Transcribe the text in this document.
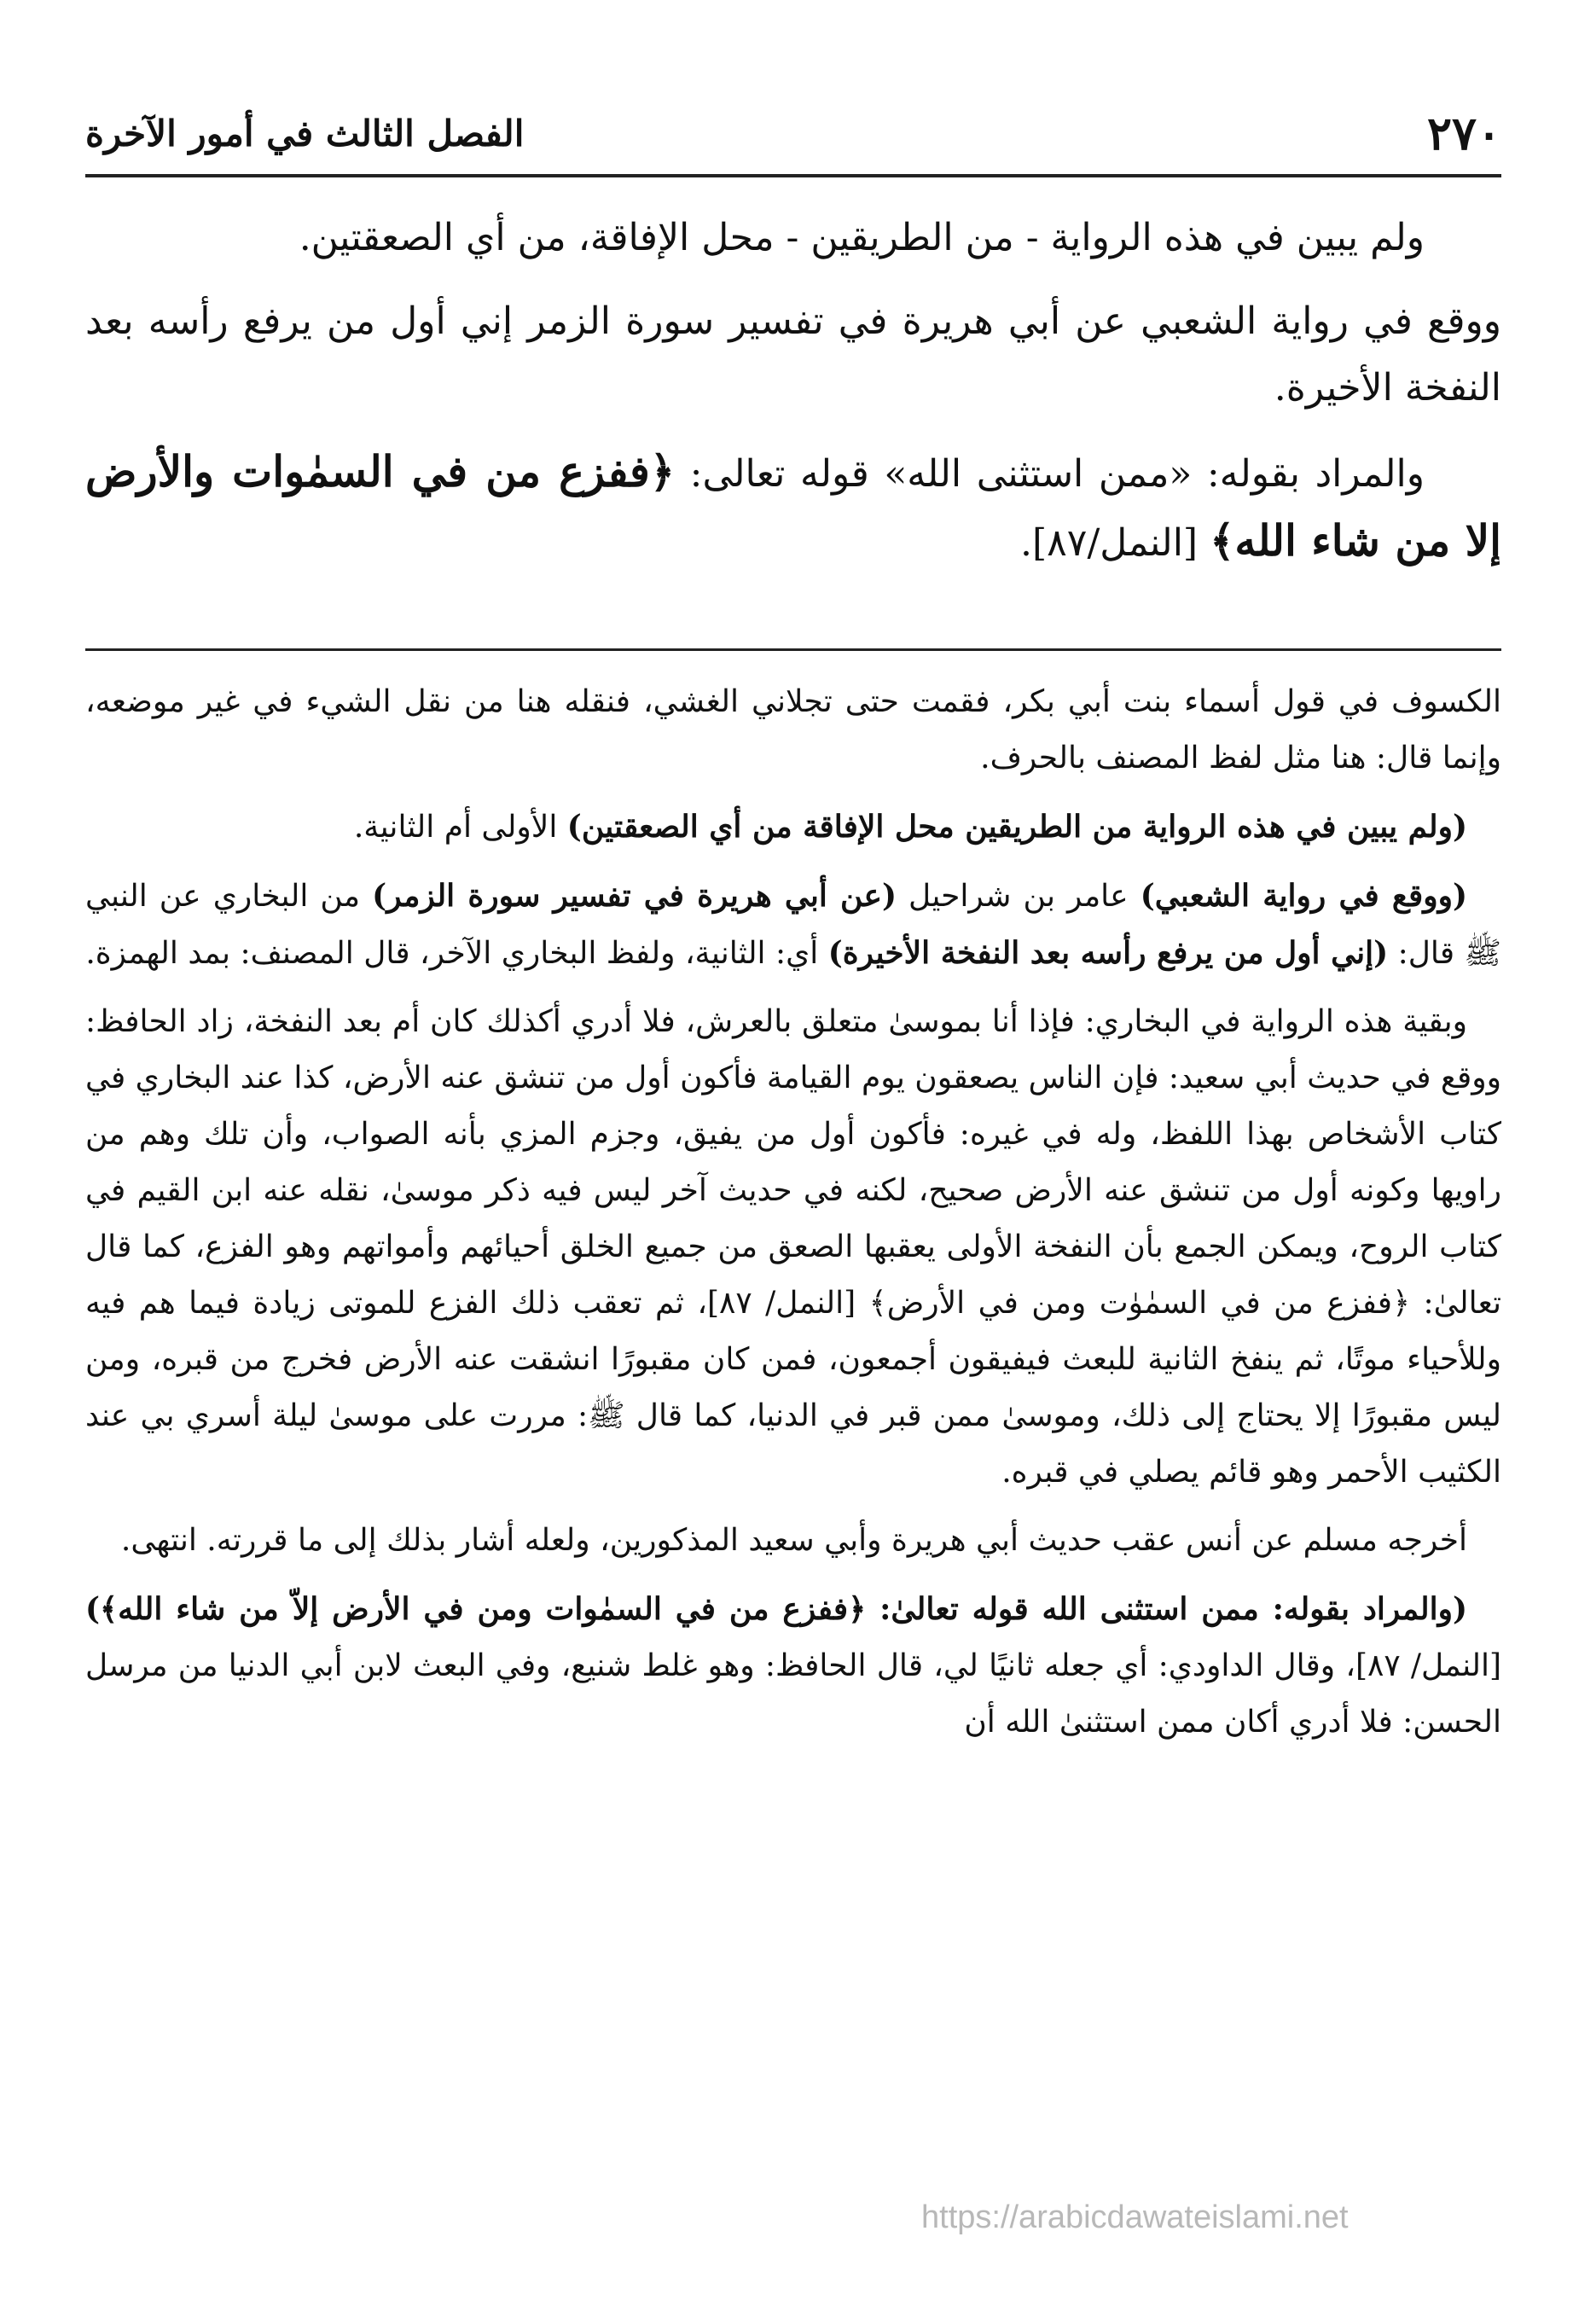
٢٧٠
الفصل الثالث في أمور الآخرة

ولم يبين في هذه الرواية - من الطريقين - محل الإفاقة، من أي الصعقتين.

ووقع في رواية الشعبي عن أبي هريرة في تفسير سورة الزمر إني أول من يرفع رأسه بعد النفخة الأخيرة.

والمراد بقوله: «ممن استثنى الله» قوله تعالى: ﴿ففزع من في السمٰوات والأرض إلا من شاء الله﴾ [النمل/٨٧].

الكسوف في قول أسماء بنت أبي بكر، فقمت حتى تجلاني الغشي، فنقله هنا من نقل الشيء في غير موضعه، وإنما قال: هنا مثل لفظ المصنف بالحرف.

(ولم يبين في هذه الرواية من الطريقين محل الإفاقة من أي الصعقتين) الأولى أم الثانية.

(ووقع في رواية الشعبي) عامر بن شراحيل (عن أبي هريرة في تفسير سورة الزمر) من البخاري عن النبي ﷺ قال: (إني أول من يرفع رأسه بعد النفخة الأخيرة) أي: الثانية، ولفظ البخاري الآخر، قال المصنف: بمد الهمزة.

وبقية هذه الرواية في البخاري: فإذا أنا بموسىٰ متعلق بالعرش، فلا أدري أكذلك كان أم بعد النفخة، زاد الحافظ: ووقع في حديث أبي سعيد: فإن الناس يصعقون يوم القيامة فأكون أول من تنشق عنه الأرض، كذا عند البخاري في كتاب الأشخاص بهذا اللفظ، وله في غيره: فأكون أول من يفيق، وجزم المزي بأنه الصواب، وأن تلك وهم من راويها وكونه أول من تنشق عنه الأرض صحيح، لكنه في حديث آخر ليس فيه ذكر موسىٰ، نقله عنه ابن القيم في كتاب الروح، ويمكن الجمع بأن النفخة الأولى يعقبها الصعق من جميع الخلق أحيائهم وأمواتهم وهو الفزع، كما قال تعالىٰ: ﴿ففزع من في السمٰوٰت ومن في الأرض﴾ [النمل/ ٨٧]، ثم تعقب ذلك الفزع للموتى زيادة فيما هم فيه وللأحياء موتًا، ثم ينفخ الثانية للبعث فيفيقون أجمعون، فمن كان مقبورًا انشقت عنه الأرض فخرج من قبره، ومن ليس مقبورًا إلا يحتاج إلى ذلك، وموسىٰ ممن قبر في الدنيا، كما قال ﷺ: مررت على موسىٰ ليلة أسري بي عند الكثيب الأحمر وهو قائم يصلي في قبره.

أخرجه مسلم عن أنس عقب حديث أبي هريرة وأبي سعيد المذكورين، ولعله أشار بذلك إلى ما قررته. انتهى.

(والمراد بقوله: ممن استثنى الله قوله تعالىٰ: ﴿ففزع من في السمٰوات ومن في الأرض إلاّ من شاء الله﴾) [النمل/ ٨٧]، وقال الداودي: أي جعله ثانيًا لي، قال الحافظ: وهو غلط شنيع، وفي البعث لابن أبي الدنيا من مرسل الحسن: فلا أدري أكان ممن استثنىٰ الله أن

https://arabicdawateislami.net
